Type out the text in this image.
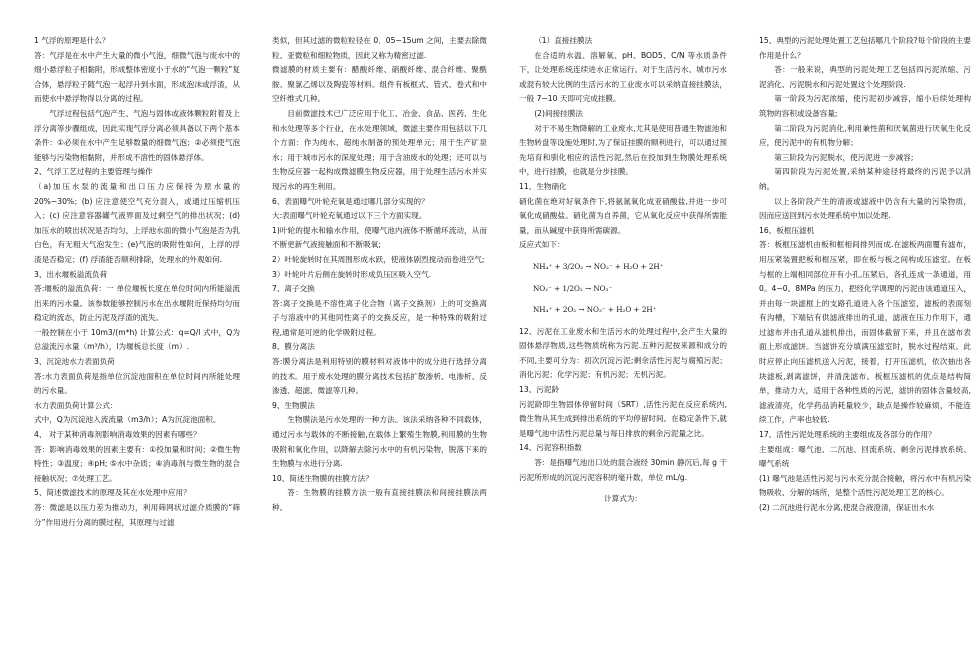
1 气浮的原理是什么？

答：气浮是在水中产生大量的微小气泡，细微气泡与废水中的细小悬浮粒子相黏附，形成整体密度小于水的“气泡一颗粒”复合体，悬浮粒子随气泡一起浮升到水面，形成泡沫或浮渣，从而使水中悬浮物得以分离的过程。

气浮过程包括气泡产生、气泡与固体或液体颗粒附着及上浮分离等步骤组成，因此实现气浮分离必须具备以下两个基本条件：①必须在水中产生足够数量的细微气泡；②必须使气泡能够与污染物相黏附，并形成不溶性的固体悬浮体。

2、气浮工艺过程的主要管理与操作

（a)加压水泵的流量和出口压力应保持为原水量的20%~30%；(b) 应注意使空气充分混入，或通过压缩机压入；(c) 应注意容器罐气液界面及过剩空气的排出状况；(d) 加压水的喷出状况是否均匀，上浮池水面的微小气泡是否为乳白色，有无粗大气泡发生；(e)气泡的吸附性如何，上浮的浮渣是否稳定；(f) 浮渣能否顺利排除，处理水的外观如何.

3、出水堰板溢流负荷

答:堰板的溢流负荷：一 单位堰板长度在单位时间内所能溢流出来的污水量。该参数能够控制污水在出水堰附近保持均匀而稳定的流态，防止污泥及浮渣的流失。

一般控制在小于 10m3/(m*h) 计算公式：q=Q/l 式中，Q为总溢流污水量（m³/h），l为堰板总长度（m）.

3、沉淀池水力表面负荷

答:水力表面负荷是指单位沉淀池面积在单位时间内所能处理的污水量。

水力表面负荷计算公式：

式中，Q为沉淀池入流流量（m3/h）；A为沉淀池面积。

4、 对于某种消毒剂影响消毒效果的因素有哪些？

答：影响消毒效果的因素主要有：①投加量和时间；②微生物特性；③温度；④pH; ⑤水中杂质；⑥消毒剂与微生物的混合接触状况；⑦处理工艺。

5、简述微滤技术的原理及其在水处理中应用？

答：微滤是以压力差为推动力，利用筛网状过滤介质膜的“筛分”作用进行分离的膜过程，其原理与过滤

类似，但其过滤的微粒粒径在 0．05~15um 之间，主要去除微粒、亚微粒和细粒物质，因此又称为精密过滤.

微滤膜的材质主要有：醋酸纤维、硝酸纤维、混合纤维、聚酰胺、聚氯乙烯以及陶瓷等材料。组件有板框式、管式、卷式和中空纤维式几种。

目前微滤技术已广泛应用于化工、冶金、食品、医药、生化和水处理等多个行业，在水处理领域，微滤主要作用包括以下几个方面：作为纯水、超纯水制备的预处理单元；用于生产矿泉水；用于城市污水的深度处理；用于含油废水的处理；还可以与生物反应器一起构成微滤膜生物反应器，用于处理生活污水并实现污水的再生利用。

6、表面曝气叶轮充氧是通过哪几部分实现的？

大:表面曝气叶轮充氧通过以下三个方面实现。

1)叶轮的提水和输水作用，使曝气池内液体不断循环流动，从而不断更新气液接触面和不断吸氧;

2）叶轮旋转时在其周围形成水跃，使液体剧烈搅动而卷进空气;

3）叶轮叶片后侧在旋转时形成负压区吸入空气.

7、离子交换

答:离子交换是不溶性离子化合物（离子交换剂）上的可交换离子与溶液中的其他同性离子的交换反应，是一种特殊的吸附过程,通常是可逆的化学吸附过程。

8、膜分离法

答:膜分离法是利用特别的膜材料对液体中的成分进行选择分离的技术。用于废水处理的膜分离技术包括扩散渗析、电渗析、反渗透、超滤、微滤等几种。

9、生物膜法

生物膜法是污水处理的一种方法。该法采纳各种不同载体，通过污水与载体的不断接触,在载体上繁殖生物膜,利用膜的生物吸附和氧化作用，以降解去除污水中的有机污染物，脱落下来的生物膜与水进行分离.

10、简述生物膜的挂膜方法？

答：生物膜的挂膜方法一般有直接挂膜法和间接挂膜法两种。

（1）直接挂膜法

在合适的水温、溶解氧、pH、BOD5、C/N 等水质条件下，让处理系统连续进水正常运行。对于生活污水、城市污水或混有较大比例的生活污水的工业废水可以采纳直接挂膜法，一般 7~10 天即可完成挂膜。

(2)间接挂膜法

对于不易生物降解的工业废水,尤其是使用普通生物滤池和生物转盘等设施处理时,为了保证挂膜的顺利进行，可以通过预先培育和驯化相应的活性污泥,然后在投加到生物膜处理系统中，进行挂膜，也就是分步挂膜。

11、生物硝化

硝化菌在绝对好氧条件下,将氨氮氧化成亚硝酸盐,并进一步可氧化成硝酸盐。硝化菌为自养菌，它从氧化反应中获得所需能量，而从碱度中获得所需碳源。

反应式如下：

NH₄⁺ + 3/2O₂ → NO₂⁻ + H₂O + 2H⁺

NO₂⁻ + 1/2O₂ → NO₃⁻

NH₄⁺ + 2O₂ → NO₃⁻ + H₂O + 2H⁺

12、污泥在工业废水和生活污水的处理过程中,会产生大量的固体悬浮物质,这些物质统称为污泥.五种污泥按来源和成分的不同,主要可分为：初次沉淀污泥;剩余活性污泥与腐殖污泥；消化污泥；化学污泥；有机污泥；无机污泥。

13、污泥龄

污泥龄即生物固体停留时间（SRT）,活性污泥在反应系统内,微生物从其生成到排出系统的平均停留时间。在稳定条件下,就是曝气池中活性污泥总量与每日排放的剩余污泥量之比。

14、污泥容积指数

答：是指曝气池出口处的混合液经 30min 静沉后,每 g 干污泥所形成的沉淀污泥容积的毫升数，单位 mL/g.

计算式为：

15、典型的污泥处理处置工艺包括哪几个阶段?每个阶段的主要作用是什么？

答：一般来说，典型的污泥处理工艺包括四污泥浓缩、污泥消化、污泥脱水和污泥处置这个处理阶段.

第一阶段为污泥浓缩，使污泥初步减容，缩小后续处理构筑物的容积或设备容量;

第二阶段为污泥消化,利用兼性菌和厌氧菌进行厌氧生化反应，使污泥中的有机物分解；

第三阶段为污泥脱水，使污泥进一步减容;

第四阶段为污泥处置,采纳某种途径将最终的污泥予以消纳。

以上各阶段产生的清液或滤液中仍含有大量的污染物质，因而应送回到污水处理系统中加以处理.

16、板框压滤机

答：板框压滤机由板和框相间排列而成.在滤板两面覆有滤布，用压紧装置把板和框压紧，即在板与板之间构成压滤室。在板与框的上端相同部位开有小孔,压紧后，各孔连成一条通道，用 0。4~0。8MPa 的压力，把经化学调理的污泥由该通道压入，并由每一块滤框上的支路孔道进入各个压滤室，滤板的表面刻有沟槽，下端钻有供滤液排出的孔道，滤液在压力作用下，通过滤布并由孔道从滤机排出，而固体截留下来，并且在滤布表面上形成滤饼。当滤饼充分填满压滤室时，脱水过程结束。此时应停止向压滤机送入污泥，接着，打开压滤机，依次抽出各块滤板,剥离滤饼，并清洗滤布。板框压滤机的优点是结构简单，推动力大，适用于各种性质的污泥，滤饼的固体含量较高,滤液清亮，化学药品消耗量较少，缺点是操作较麻烦，不能连续工作，产率也较低.

17、活性污泥处理系统的主要组成及各部分的作用？

主要组成：曝气池、二沉池、回流系统、剩余污泥排放系统、曝气系统

(1) 曝气池是活性污泥与污水充分混合接触，将污水中有机污染物吸收、分解的场所，是整个活性污泥处理工艺的核心。

(2) 二沉池进行泥水分离,使混合液澄清，保证出水水
